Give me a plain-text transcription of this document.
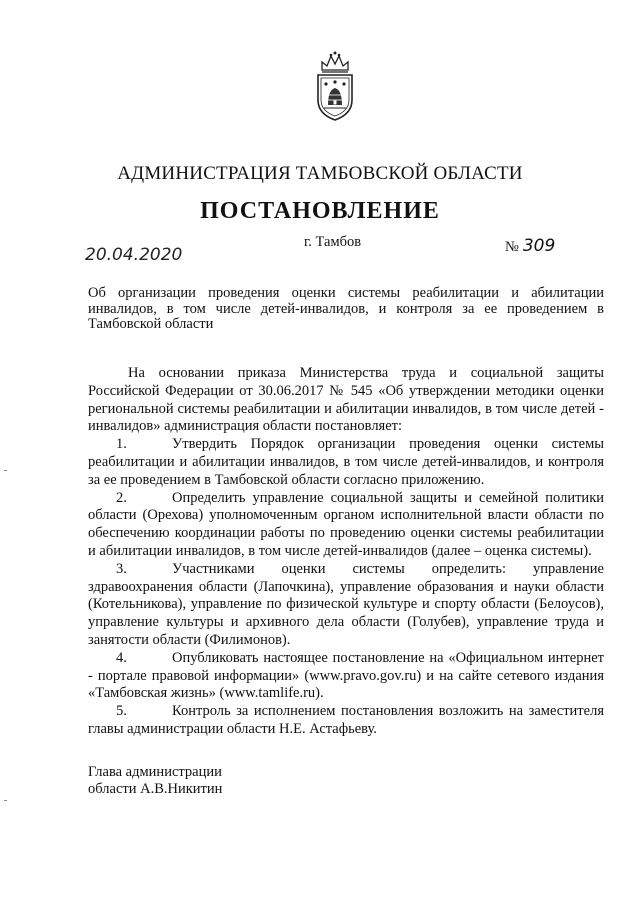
АДМИНИСТРАЦИЯ ТАМБОВСКОЙ ОБЛАСТИ
ПОСТАНОВЛЕНИЕ
20.04.2020
г. Тамбов	№ 309
Об организации проведения оценки системы реабилитации и абилитации инвалидов, в том числе детей-инвалидов, и контроля за ее проведением в Тамбовской области

На основании приказа Министерства труда и социальной защиты Российской Федерации от 30.06.2017 № 545 «Об утверждении методики оценки региональной системы реабилитации и абилитации инвалидов, в том числе детей - инвалидов» администрация области постановляет:

1.	Утвердить Порядок организации проведения оценки системы реабилитации и абилитации инвалидов, в том числе детей-инвалидов, и контроля за ее проведением в Тамбовской области согласно приложению.

2.	Определить управление социальной защиты и семейной политики области (Орехова) уполномоченным органом исполнительной власти области по обеспечению координации работы по проведению оценки системы реабилитации и абилитации инвалидов, в том числе детей-инвалидов (далее – оценка системы).

3.	Участниками оценки системы определить: управление здравоохранения области (Лапочкина), управление образования и науки области (Котельникова), управление по физической культуре и спорту области (Белоусов), управление культуры и архивного дела области (Голубев), управление труда и занятости области (Филимонов).

4.	Опубликовать настоящее постановление на «Официальном интернет - портале правовой информации» (www.pravo.gov.ru) и на сайте сетевого издания «Тамбовская жизнь» (www.tamlife.ru).

5.	Контроль за исполнением постановления возложить на заместителя главы администрации области Н.Е. Астафьеву.

Глава администрации
области А.В.Никитин
